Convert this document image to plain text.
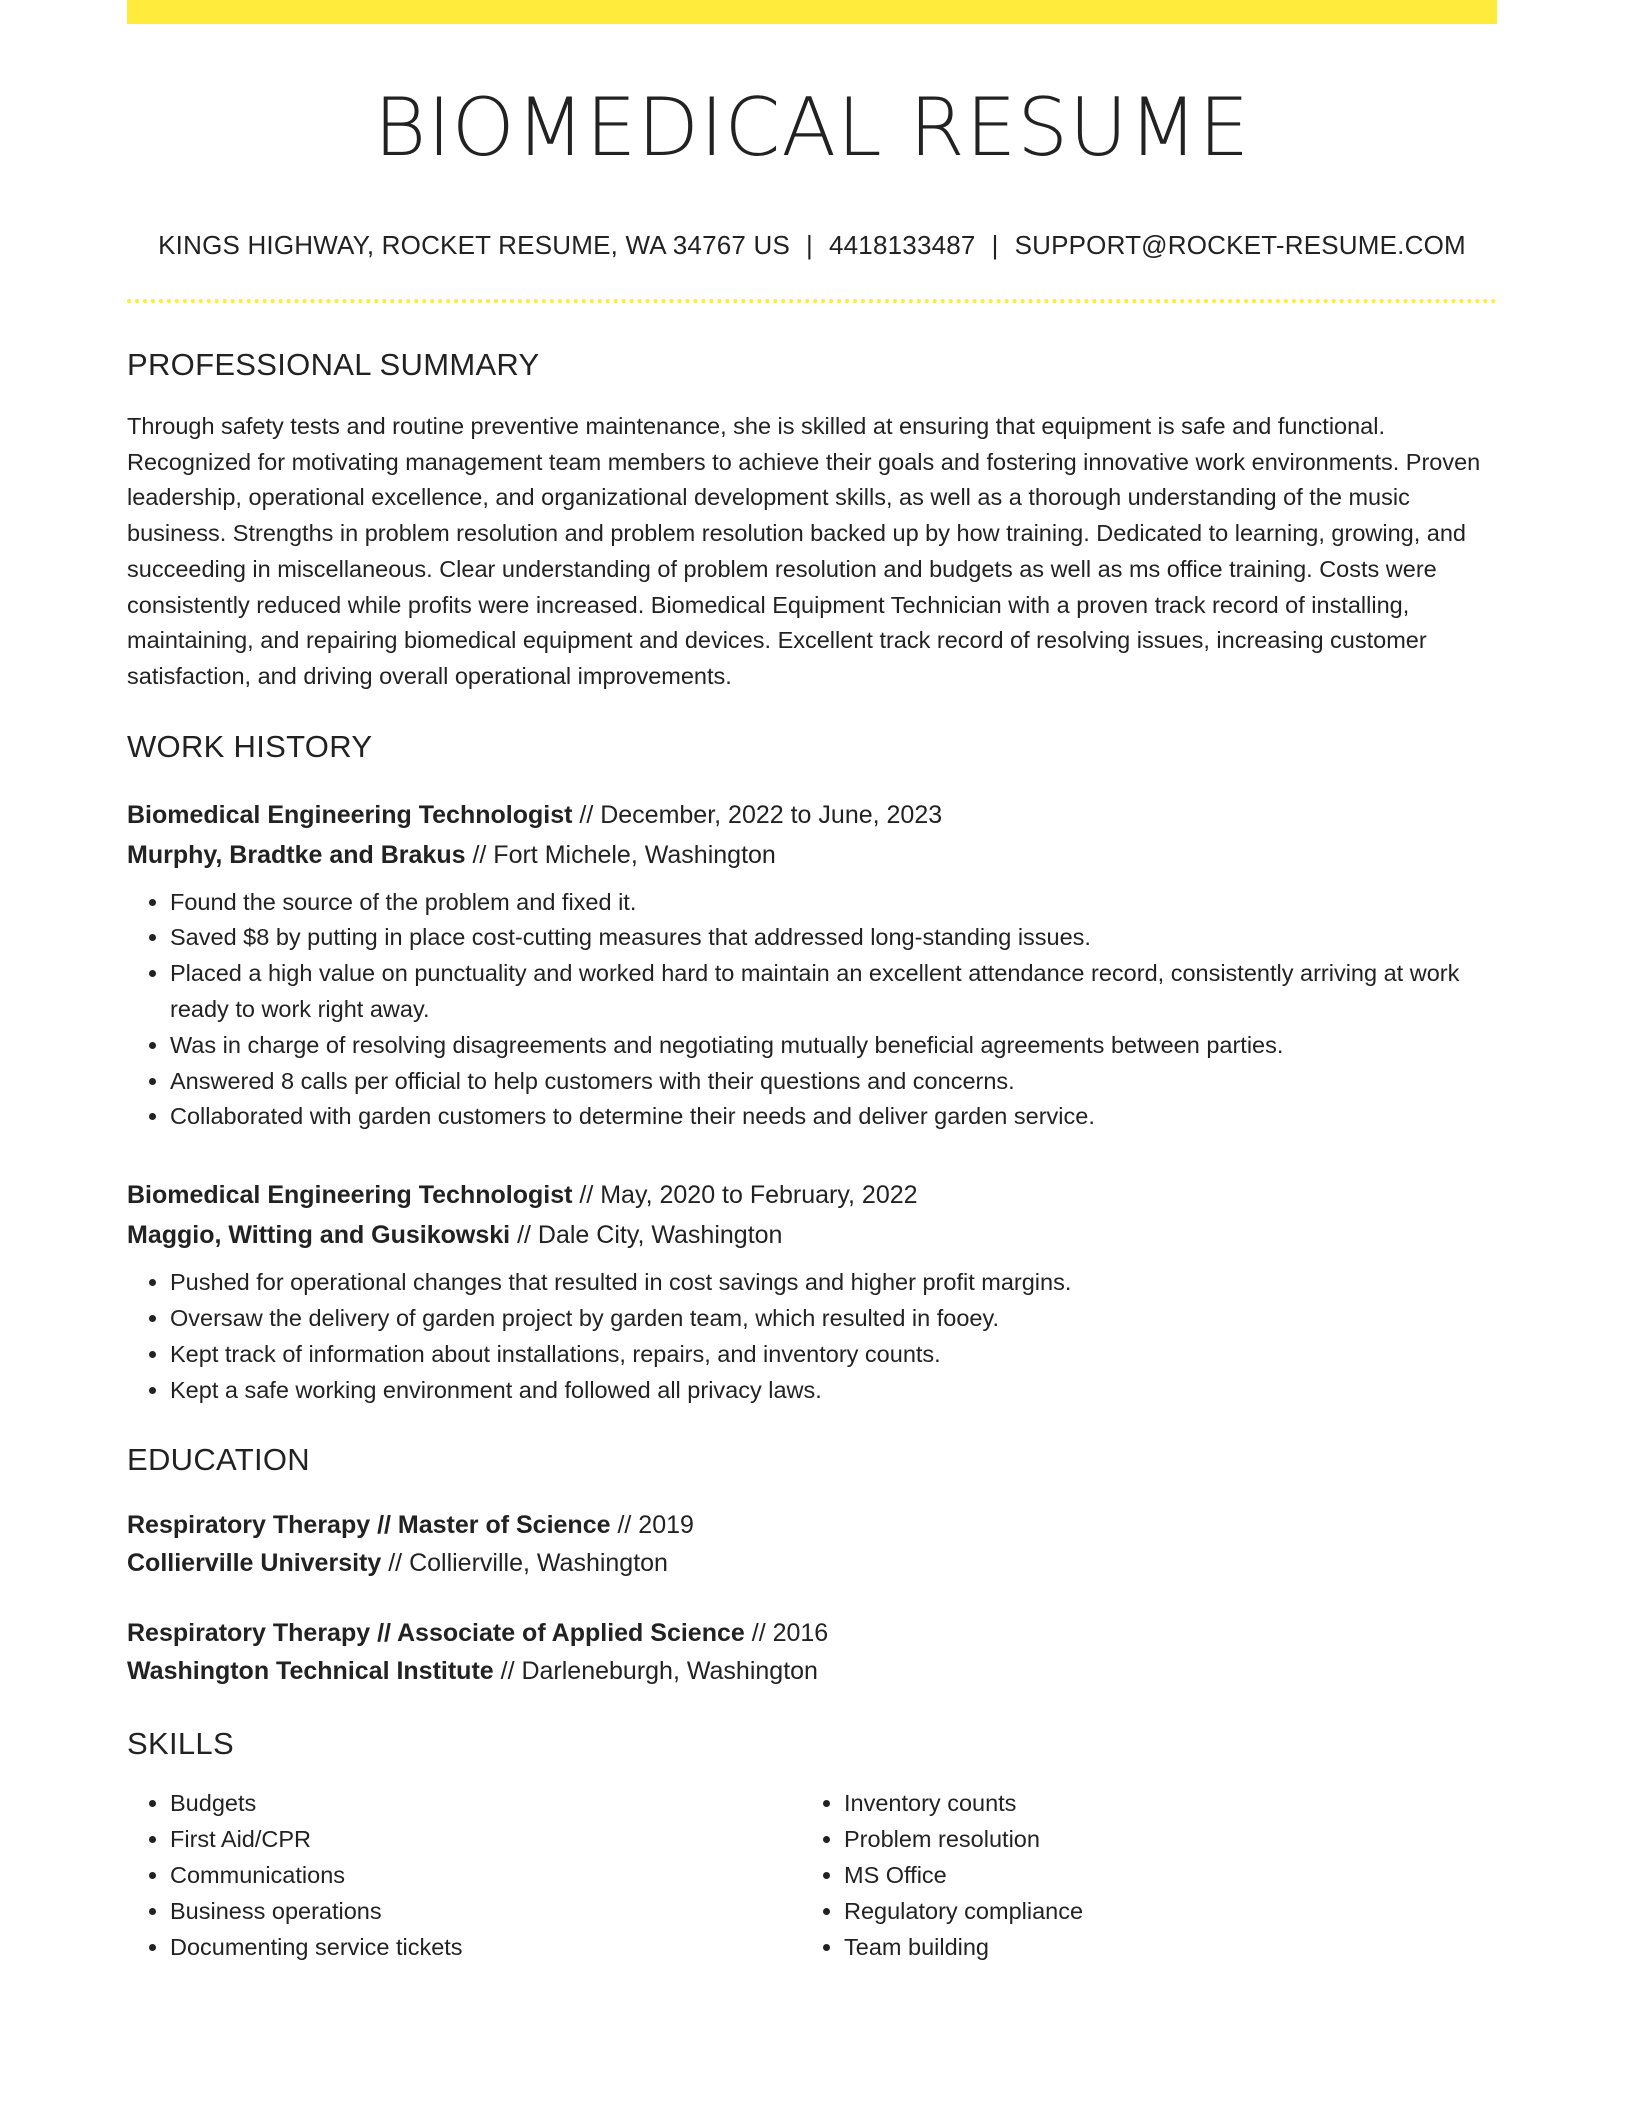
BIOMEDICAL RESUME
KINGS HIGHWAY, ROCKET RESUME, WA 34767 US | 4418133487 | SUPPORT@ROCKET-RESUME.COM
PROFESSIONAL SUMMARY

Through safety tests and routine preventive maintenance, she is skilled at ensuring that equipment is safe and functional. Recognized for motivating management team members to achieve their goals and fostering innovative work environments. Proven leadership, operational excellence, and organizational development skills, as well as a thorough understanding of the music business. Strengths in problem resolution and problem resolution backed up by how training. Dedicated to learning, growing, and succeeding in miscellaneous. Clear understanding of problem resolution and budgets as well as ms office training. Costs were consistently reduced while profits were increased. Biomedical Equipment Technician with a proven track record of installing, maintaining, and repairing biomedical equipment and devices. Excellent track record of resolving issues, increasing customer satisfaction, and driving overall operational improvements.

WORK HISTORY
Biomedical Engineering Technologist // December, 2022 to June, 2023
Murphy, Bradtke and Brakus // Fort Michele, Washington
• Found the source of the problem and fixed it.
• Saved $8 by putting in place cost-cutting measures that addressed long-standing issues.
• Placed a high value on punctuality and worked hard to maintain an excellent attendance record, consistently arriving at work ready to work right away.
• Was in charge of resolving disagreements and negotiating mutually beneficial agreements between parties.
• Answered 8 calls per official to help customers with their questions and concerns.
• Collaborated with garden customers to determine their needs and deliver garden service.
Biomedical Engineering Technologist // May, 2020 to February, 2022
Maggio, Witting and Gusikowski // Dale City, Washington
• Pushed for operational changes that resulted in cost savings and higher profit margins.
• Oversaw the delivery of garden project by garden team, which resulted in fooey.
• Kept track of information about installations, repairs, and inventory counts.
• Kept a safe working environment and followed all privacy laws.
EDUCATION
Respiratory Therapy // Master of Science // 2019
Collierville University // Collierville, Washington
Respiratory Therapy // Associate of Applied Science // 2016
Washington Technical Institute // Darleneburgh, Washington
SKILLS
• Budgets
• First Aid/CPR
• Communications
• Business operations
• Documenting service tickets
• Inventory counts
• Problem resolution
• MS Office
• Regulatory compliance
• Team building
